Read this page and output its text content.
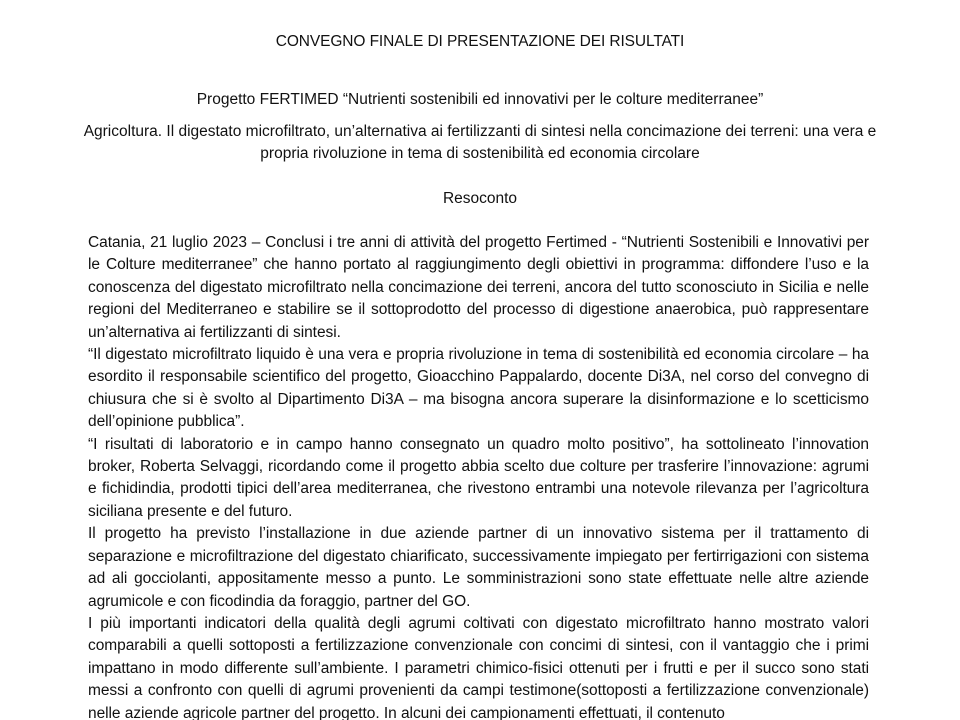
CONVEGNO FINALE DI PRESENTAZIONE DEI RISULTATI

Progetto FERTIMED “Nutrienti sostenibili ed innovativi per le colture mediterranee”

Agricoltura. Il digestato microfiltrato, un’alternativa ai fertilizzanti di sintesi nella concimazione dei terreni: una vera e propria rivoluzione in tema di sostenibilità ed economia circolare

Resoconto

Catania, 21 luglio 2023 – Conclusi i tre anni di attività del progetto Fertimed - “Nutrienti Sostenibili e Innovativi per le Colture mediterranee” che hanno portato al raggiungimento degli obiettivi in programma: diffondere l’uso e la conoscenza del digestato microfiltrato nella concimazione dei terreni, ancora del tutto sconosciuto in Sicilia e nelle regioni del Mediterraneo e stabilire se il sottoprodotto del processo di digestione anaerobica, può rappresentare un’alternativa ai fertilizzanti di sintesi.

“Il digestato microfiltrato liquido è una vera e propria rivoluzione in tema di sostenibilità ed economia circolare – ha esordito il responsabile scientifico del progetto, Gioacchino Pappalardo, docente Di3A, nel corso del convegno di chiusura che si è svolto al Dipartimento Di3A – ma bisogna ancora superare la disinformazione e lo scetticismo dell’opinione pubblica”.

“I risultati di laboratorio e in campo hanno consegnato un quadro molto positivo”, ha sottolineato l’innovation broker, Roberta Selvaggi, ricordando come il progetto abbia scelto due colture per trasferire l’innovazione: agrumi e fichidindia, prodotti tipici dell’area mediterranea, che rivestono entrambi una notevole rilevanza per l’agricoltura siciliana presente e del futuro.

Il progetto ha previsto l’installazione in due aziende partner di un innovativo sistema per il trattamento di separazione e microfiltrazione del digestato chiarificato, successivamente impiegato per fertirrigazioni con sistema ad ali gocciolanti, appositamente messo a punto. Le somministrazioni sono state effettuate nelle altre aziende agrumicole e con ficodindia da foraggio, partner del GO.

I più importanti indicatori della qualità degli agrumi coltivati con digestato microfiltrato hanno mostrato valori comparabili a quelli sottoposti a fertilizzazione convenzionale con concimi di sintesi, con il vantaggio che i primi impattano in modo differente sull’ambiente. I parametri chimico-fisici ottenuti per i frutti e per il succo sono stati messi a confronto con quelli di agrumi provenienti da campi testimone(sottoposti a fertilizzazione convenzionale) nelle aziende agricole partner del progetto. In alcuni dei campionamenti effettuati, il contenuto
